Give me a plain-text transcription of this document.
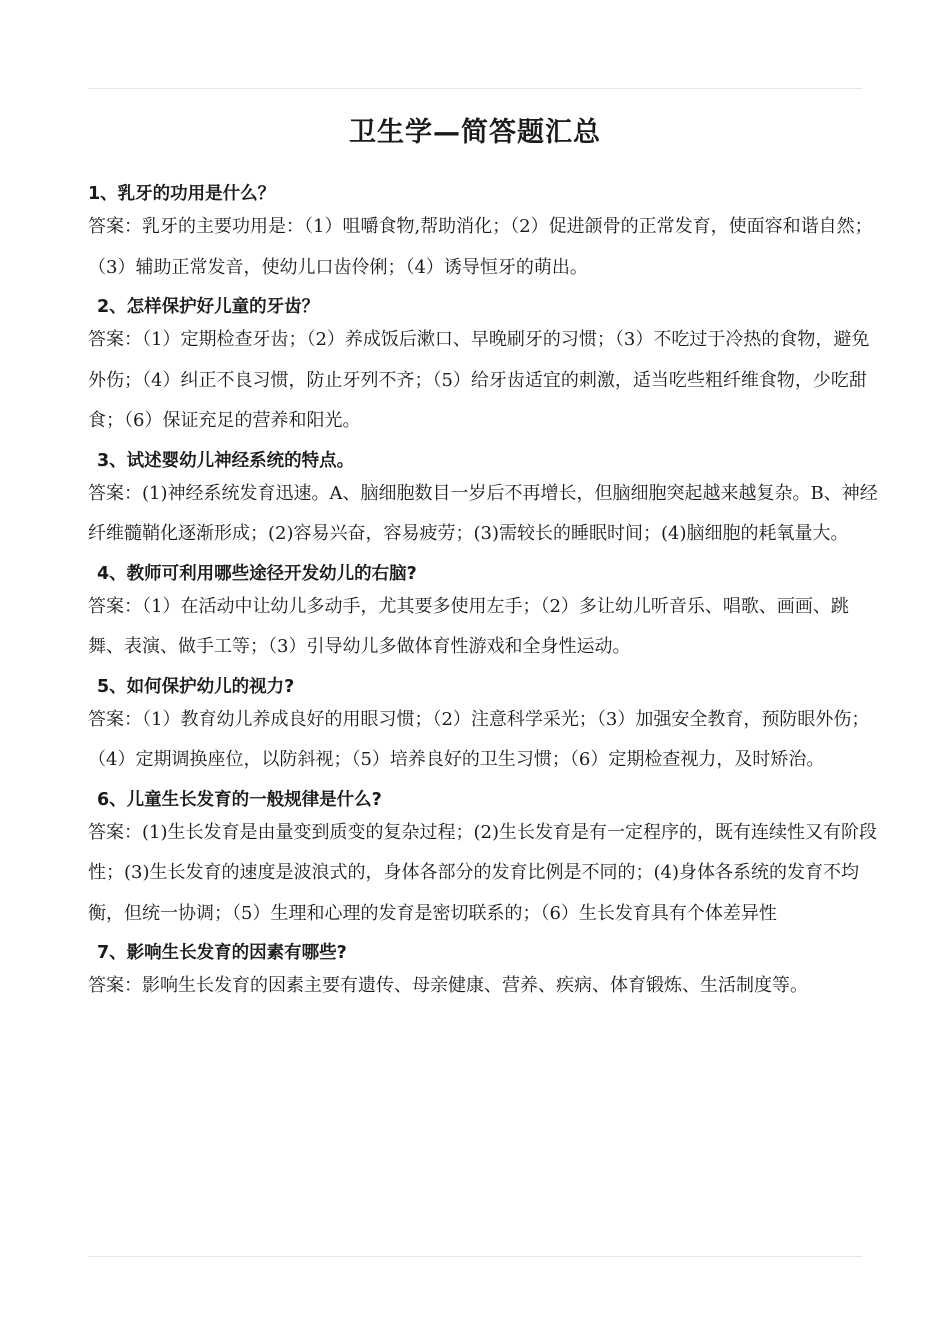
卫生学—简答题汇总
1、乳牙的功用是什么？
答案：乳牙的主要功用是：（1）咀嚼食物,帮助消化；（2）促进颌骨的正常发育，使面容和谐自然；（3）辅助正常发音，使幼儿口齿伶俐；（4）诱导恒牙的萌出。
2、怎样保护好儿童的牙齿？
答案：（1）定期检查牙齿；（2）养成饭后漱口、早晚刷牙的习惯；（3）不吃过于冷热的食物，避免外伤；（4）纠正不良习惯，防止牙列不齐；（5）给牙齿适宜的刺激，适当吃些粗纤维食物，少吃甜食；（6）保证充足的营养和阳光。
3、试述婴幼儿神经系统的特点。
答案：(1)神经系统发育迅速。A、脑细胞数目一岁后不再增长，但脑细胞突起越来越复杂。B、神经纤维髓鞘化逐渐形成；(2)容易兴奋，容易疲劳；(3)需较长的睡眠时间；(4)脑细胞的耗氧量大。
4、教师可利用哪些途径开发幼儿的右脑?
答案：（1）在活动中让幼儿多动手，尤其要多使用左手；（2）多让幼儿听音乐、唱歌、画画、跳舞、表演、做手工等；（3）引导幼儿多做体育性游戏和全身性运动。
5、如何保护幼儿的视力?
答案：（1）教育幼儿养成良好的用眼习惯；（2）注意科学采光；（3）加强安全教育，预防眼外伤；（4）定期调换座位，以防斜视；（5）培养良好的卫生习惯；（6）定期检查视力，及时矫治。
6、儿童生长发育的一般规律是什么?
答案：(1)生长发育是由量变到质变的复杂过程；(2)生长发育是有一定程序的，既有连续性又有阶段性；(3)生长发育的速度是波浪式的，身体各部分的发育比例是不同的；(4)身体各系统的发育不均衡，但统一协调；（5）生理和心理的发育是密切联系的；（6）生长发育具有个体差异性
7、影响生长发育的因素有哪些?
答案：影响生长发育的因素主要有遗传、母亲健康、营养、疾病、体育锻炼、生活制度等。
